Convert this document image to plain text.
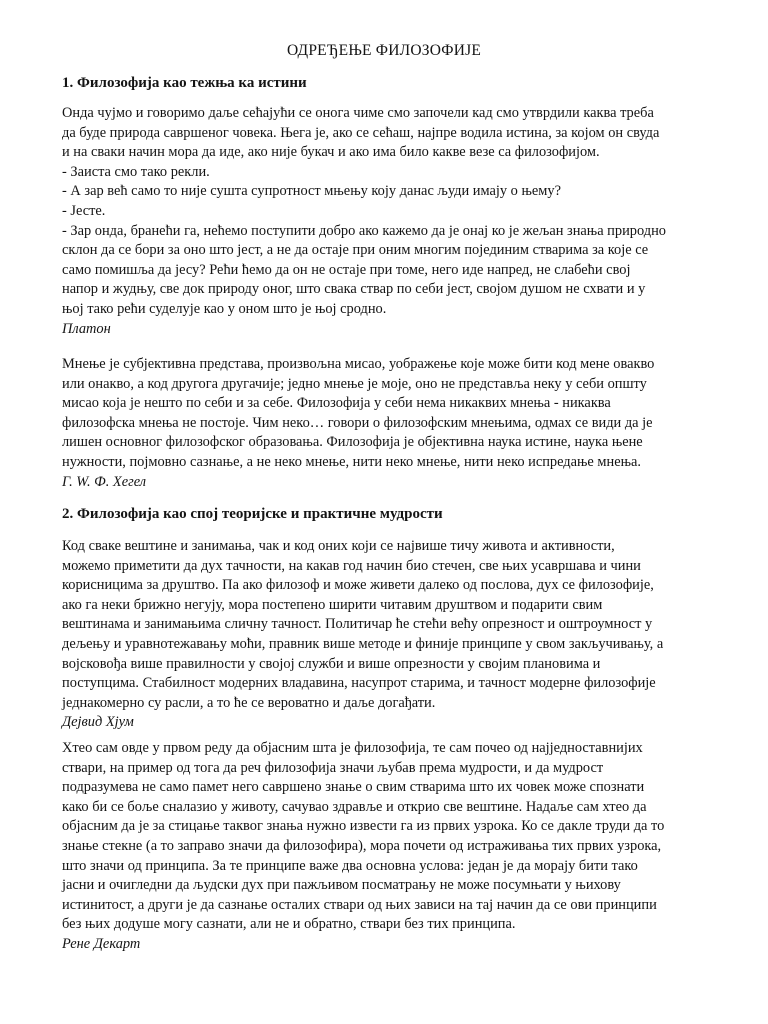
ОДРЕЂЕЊЕ ФИЛОЗОФИЈЕ
1. Филозофија као тежња ка истини
Онда чујмо и говоримо даље сећајући се онога чиме смо започели кад смо утврдили каква треба
да буде природа савршеног човека. Њега је, ако се сећаш, најпре водила истина, за којом он свуда
и на сваки начин мора да иде, ако није букач и ако има било какве везе са филозофијом.
- Заиста смо тако рекли.
- А зар већ само то није сушта супротност мњењу коју данас људи имају о њему?
- Јесте.
- Зар онда, бранећи га, нећемо поступити добро ако кажемо да је онај ко је жељан знања природно
склон да се бори за оно што јест, а не да остаје при оним многим појединим стварима за које се
само помишља да јесу? Рећи ћемо да он не остаје при томе, него иде напред, не слабећи свој
напор и жудњу, све док природу оног, што свака ствар по себи јест, својом душом не схвати и у
њој тако рећи суделује као у оном што је њој сродно.
Платон
Мнење је субјективна представа, произвољна мисао, уображење које може бити код мене овакво
или онакво, а код другога другачије; једно мнење је моје, оно не представља неку у себи општу
мисао која је нешто по себи и за себе. Филозофија у себи нема никаквих мнења - никаква
филозофска мнења не постоје. Чим неко… говори о филозофским мнењима, одмах се види да је
лишен основног филозофског образовања. Филозофија је објективна наука истине, наука њене
нужности, појмовно сазнање, а не неко мнење, нити неко мнење, нити неко испредање мнења.
Г. W. Ф. Хегел
2. Филозофија као спој теоријске и практичне мудрости
Код сваке вештине и занимања, чак и код оних који се највише тичу живота и активности,
можемо приметити да дух тачности, на какав год начин био стечен, све њих усавршава и чини
корисницима за друштво. Па ако филозоф и може живети далеко од послова, дух се филозофије,
ако га неки брижно негују, мора постепено ширити читавим друштвом и подарити свим
вештинама и занимањима сличну тачност. Политичар ће стећи већу опрезност и оштроумност у
дељењу и уравнотежавању моћи, правник више методе и финије принципе у свом закључивању, а
војсковођа више правилности у својој служби и више опрезности у својим плановима и
поступцима. Стабилност модерних владавина, насупрот старима, и тачност модерне филозофије
једнакомерно су расли, а то ће се вероватно и даље догађати.
Дејвид Хјум
Хтео сам овде у првом реду да објасним шта је филозофија, те сам почео од најједноставнијих
ствари, на пример од тога да реч филозофија значи љубав према мудрости, и да мудрост
подразумева не само памет него савршено знање о свим стварима што их човек може спознати
како би се боље сналазио у животу, сачувао здравље и открио све вештине. Надаље сам хтео да
објасним да је за стицање таквог знања нужно извести га из првих узрока. Ко се дакле труди да то
знање стекне (а то заправо значи да филозофира), мора почети од истраживања тих првих узрока,
што значи од принципа. За те принципе важе два основна услова: један је да морају бити тако
јасни и очигледни да људски дух при пажљивом посматрању не може посумњати у њихову
истинитост, а други је да сазнање осталих ствари од њих зависи на тај начин да се ови принципи
без њих додуше могу сазнати, али не и обратно, ствари без тих принципа.
Рене Декарт
